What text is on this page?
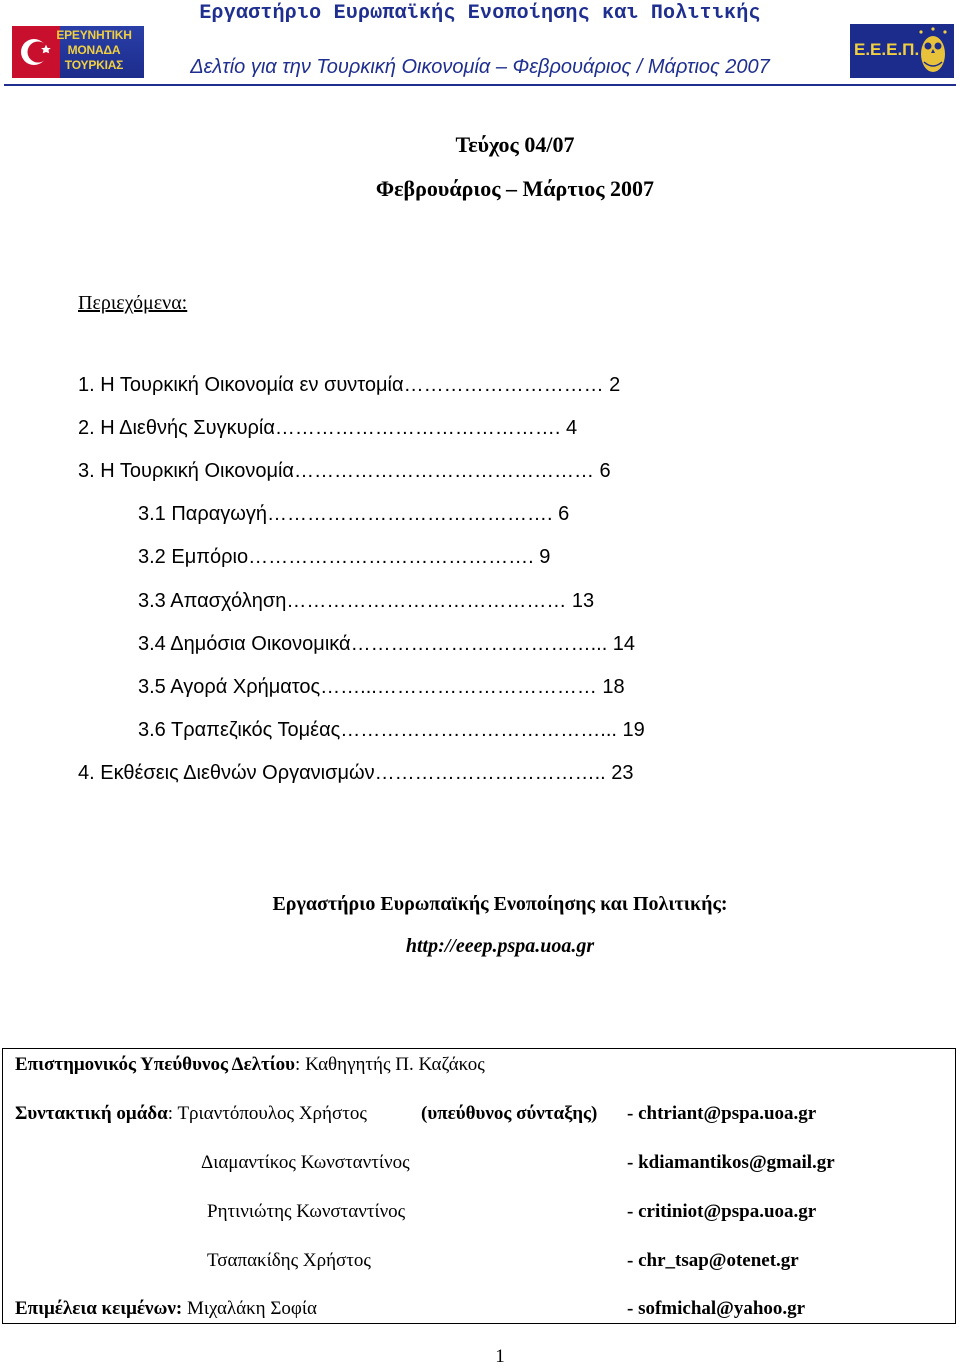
ΕΡΕΥΝΗΤΙΚΗ ΜΟΝΑΔΑ ΤΟΥΡΚΙΑΣ
Εργαστήριο Ευρωπαϊκής Ενοποίησης και Πολιτικής
Δελτίο για την Τουρκική Οικονομία – Φεβρουάριος / Μάρτιος 2007
Ε.Ε.Ε.Π.
Τεύχος 04/07
Φεβρουάριος – Μάρτιος 2007
Περιεχόμενα:
1. Η Τουρκική Οικονομία εν συντομία………………………… 2
2. Η Διεθνής Συγκυρία……………………………………. 4
3. Η Τουρκική Οικονομία……………………………………… 6
3.1 Παραγωγή……………………………………. 6
3.2 Εμπόριο……………………………………. 9
3.3 Απασχόληση…………………………………… 13
3.4 Δημόσια Οικονομικά………………………………... 14
3.5 Αγορά Χρήματος……...…………………………… 18
3.6 Τραπεζικός Τομέας…………………………………... 19
4. Εκθέσεις Διεθνών Οργανισμών…………………………….. 23
Εργαστήριο Ευρωπαϊκής Ενοποίησης και Πολιτικής:
http://eeep.pspa.uoa.gr
Επιστημονικός Υπεύθυνος Δελτίου: Καθηγητής Π. Καζάκος
Συντακτική ομάδα: Τριαντόπουλος Χρήστος	(υπεύθυνος σύνταξης) - chtriant@pspa.uoa.gr
Διαμαντίκος Κωνσταντίνος	- kdiamantikos@gmail.gr
Ρητινιώτης Κωνσταντίνος	- critiniot@pspa.uoa.gr
Τσαπακίδης Χρήστος	- chr_tsap@otenet.gr
Επιμέλεια κειμένων: Μιχαλάκη Σοφία	- sofmichal@yahoo.gr
1
